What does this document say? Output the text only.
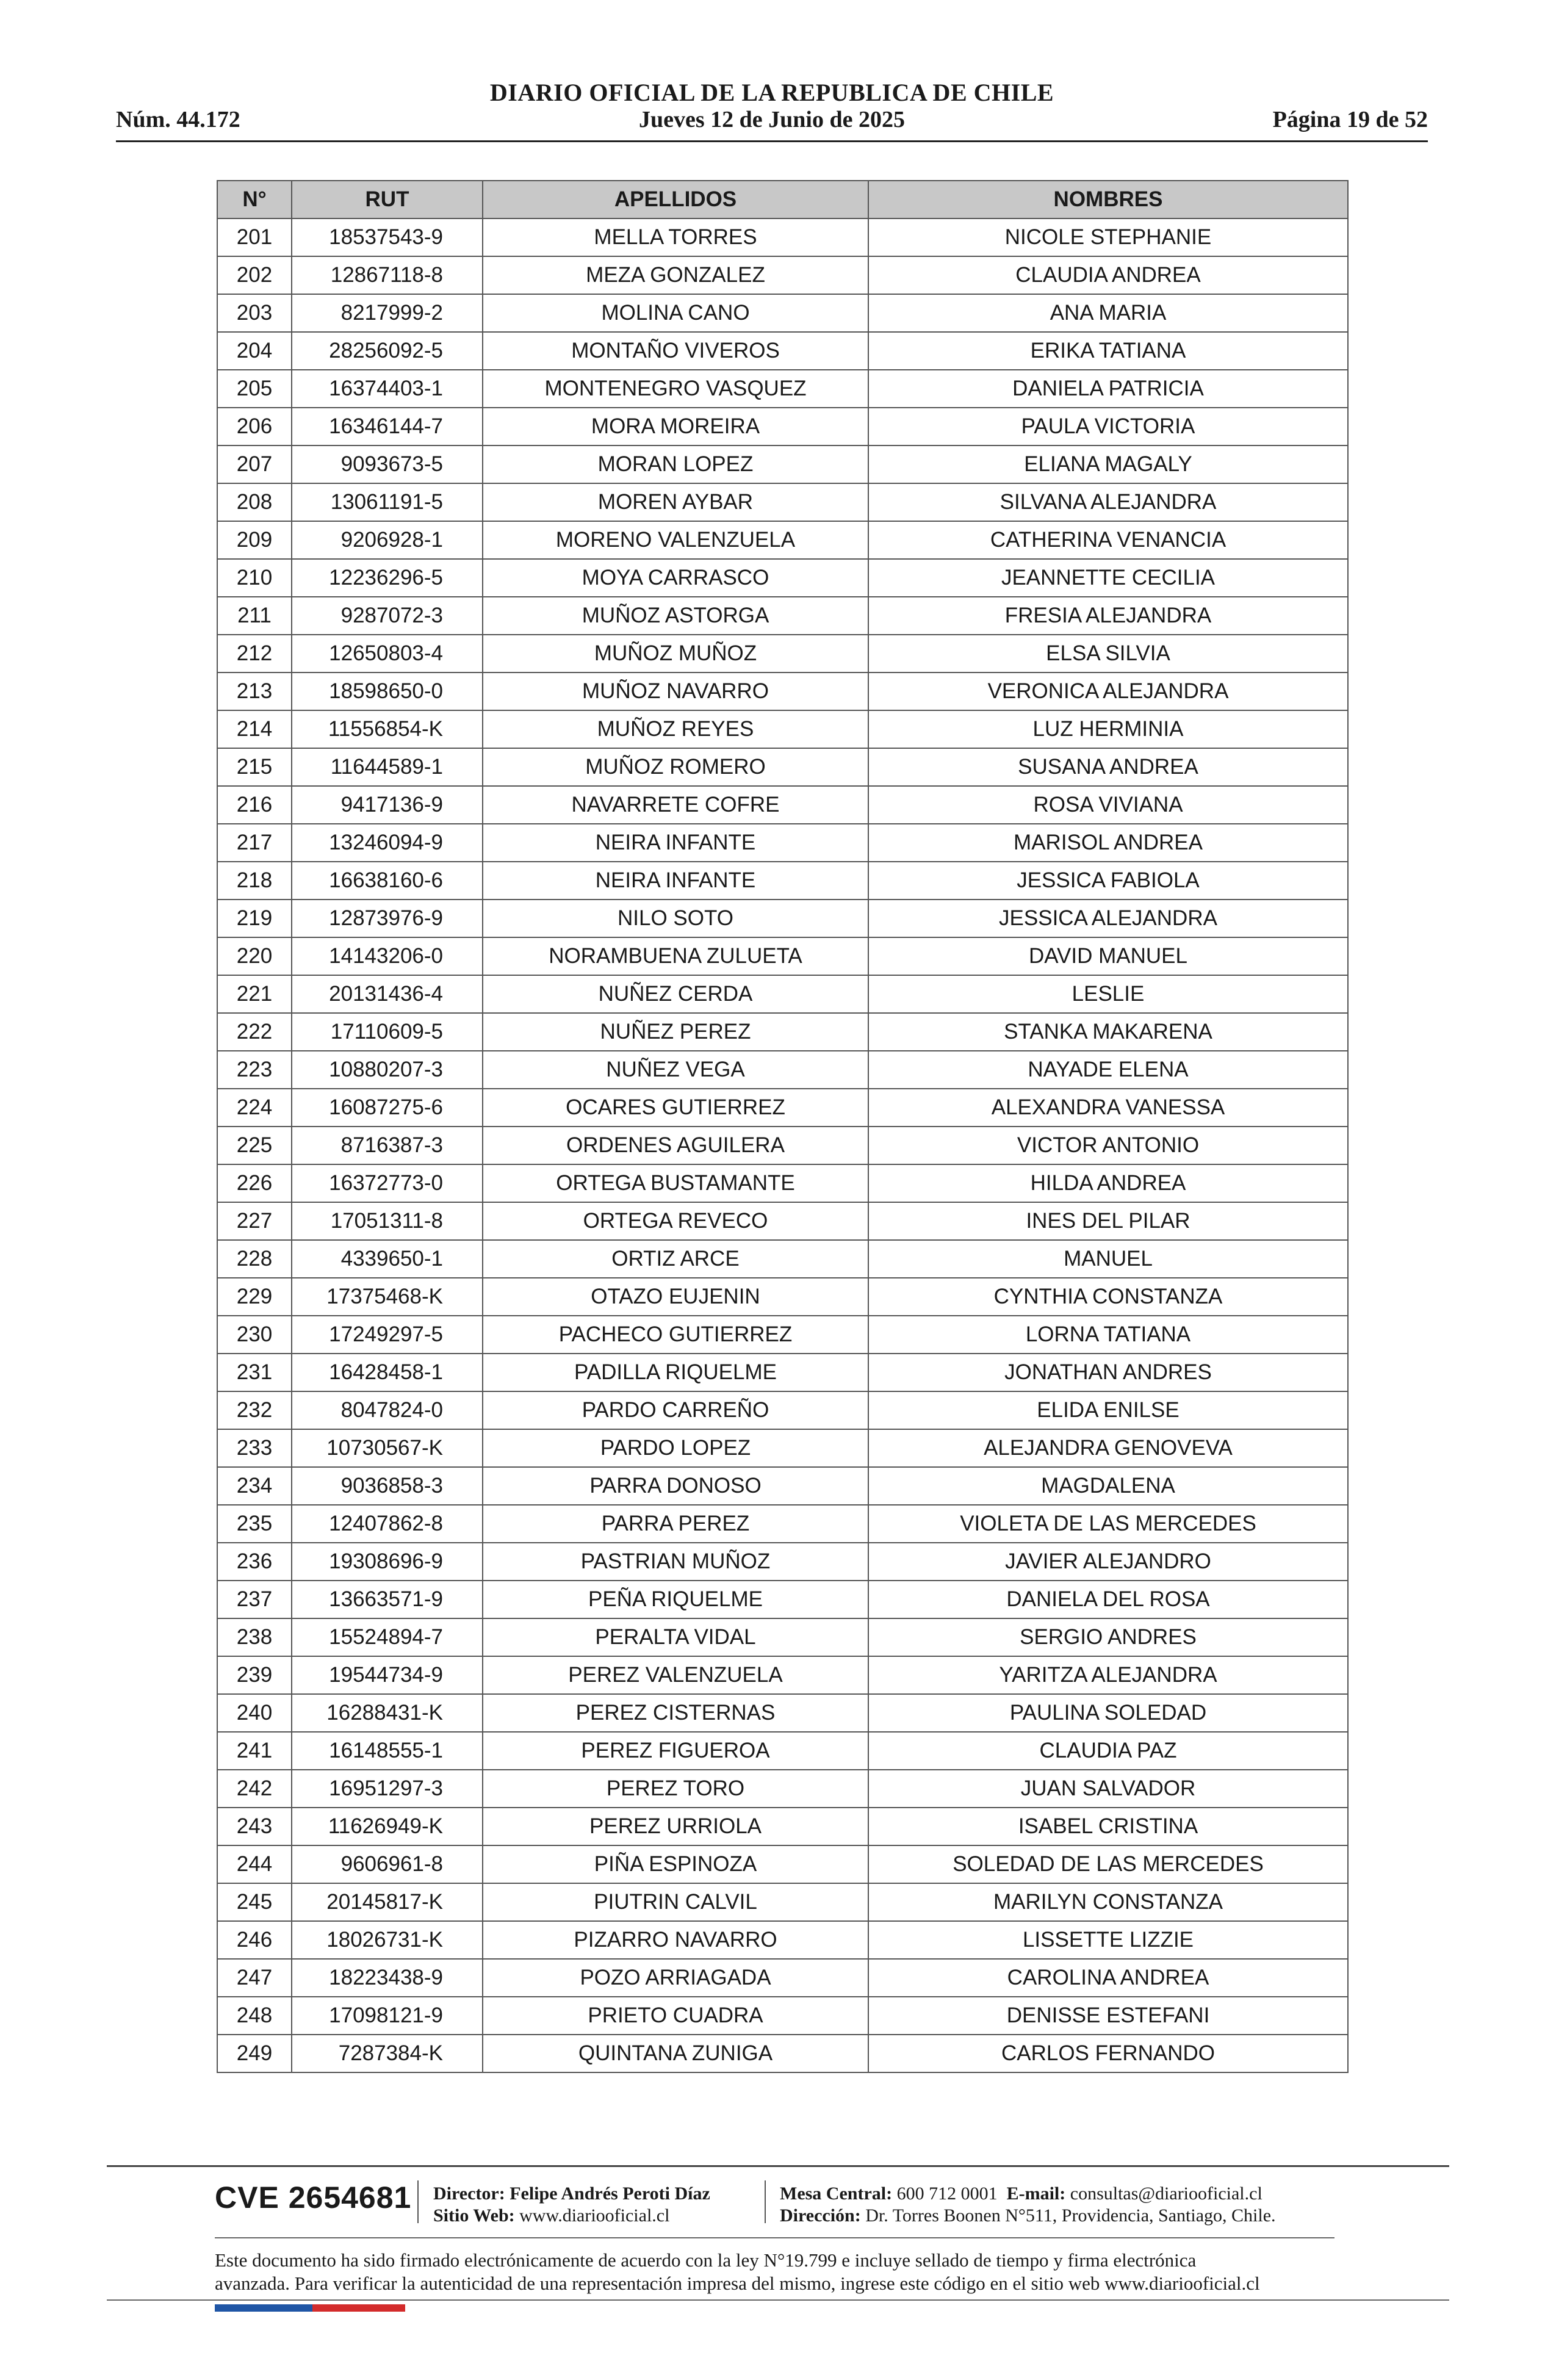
DIARIO OFICIAL DE LA REPUBLICA DE CHILE
Núm. 44.172	Jueves 12 de Junio de 2025	Página 19 de 52
N°	RUT	APELLIDOS	NOMBRES
201	18537543-9	MELLA TORRES	NICOLE STEPHANIE
202	12867118-8	MEZA GONZALEZ	CLAUDIA ANDREA
203	8217999-2	MOLINA CANO	ANA MARIA
204	28256092-5	MONTAÑO VIVEROS	ERIKA TATIANA
205	16374403-1	MONTENEGRO VASQUEZ	DANIELA PATRICIA
206	16346144-7	MORA MOREIRA	PAULA VICTORIA
207	9093673-5	MORAN LOPEZ	ELIANA MAGALY
208	13061191-5	MOREN AYBAR	SILVANA ALEJANDRA
209	9206928-1	MORENO VALENZUELA	CATHERINA VENANCIA
210	12236296-5	MOYA CARRASCO	JEANNETTE CECILIA
211	9287072-3	MUÑOZ ASTORGA	FRESIA ALEJANDRA
212	12650803-4	MUÑOZ MUÑOZ	ELSA SILVIA
213	18598650-0	MUÑOZ NAVARRO	VERONICA ALEJANDRA
214	11556854-K	MUÑOZ REYES	LUZ HERMINIA
215	11644589-1	MUÑOZ ROMERO	SUSANA ANDREA
216	9417136-9	NAVARRETE COFRE	ROSA VIVIANA
217	13246094-9	NEIRA INFANTE	MARISOL ANDREA
218	16638160-6	NEIRA INFANTE	JESSICA FABIOLA
219	12873976-9	NILO SOTO	JESSICA ALEJANDRA
220	14143206-0	NORAMBUENA ZULUETA	DAVID MANUEL
221	20131436-4	NUÑEZ CERDA	LESLIE
222	17110609-5	NUÑEZ PEREZ	STANKA MAKARENA
223	10880207-3	NUÑEZ VEGA	NAYADE ELENA
224	16087275-6	OCARES GUTIERREZ	ALEXANDRA VANESSA
225	8716387-3	ORDENES AGUILERA	VICTOR ANTONIO
226	16372773-0	ORTEGA BUSTAMANTE	HILDA ANDREA
227	17051311-8	ORTEGA REVECO	INES DEL PILAR
228	4339650-1	ORTIZ ARCE	MANUEL
229	17375468-K	OTAZO EUJENIN	CYNTHIA CONSTANZA
230	17249297-5	PACHECO GUTIERREZ	LORNA TATIANA
231	16428458-1	PADILLA RIQUELME	JONATHAN ANDRES
232	8047824-0	PARDO CARREÑO	ELIDA ENILSE
233	10730567-K	PARDO LOPEZ	ALEJANDRA GENOVEVA
234	9036858-3	PARRA DONOSO	MAGDALENA
235	12407862-8	PARRA PEREZ	VIOLETA DE LAS MERCEDES
236	19308696-9	PASTRIAN MUÑOZ	JAVIER ALEJANDRO
237	13663571-9	PEÑA RIQUELME	DANIELA DEL ROSA
238	15524894-7	PERALTA VIDAL	SERGIO ANDRES
239	19544734-9	PEREZ VALENZUELA	YARITZA ALEJANDRA
240	16288431-K	PEREZ CISTERNAS	PAULINA SOLEDAD
241	16148555-1	PEREZ FIGUEROA	CLAUDIA PAZ
242	16951297-3	PEREZ TORO	JUAN SALVADOR
243	11626949-K	PEREZ URRIOLA	ISABEL CRISTINA
244	9606961-8	PIÑA ESPINOZA	SOLEDAD DE LAS MERCEDES
245	20145817-K	PIUTRIN CALVIL	MARILYN CONSTANZA
246	18026731-K	PIZARRO NAVARRO	LISSETTE LIZZIE
247	18223438-9	POZO ARRIAGADA	CAROLINA ANDREA
248	17098121-9	PRIETO CUADRA	DENISSE ESTEFANI
249	7287384-K	QUINTANA ZUNIGA	CARLOS FERNANDO
CVE 2654681 Director: Felipe Andrés Peroti Díaz
Sitio Web: www.diariooficial.cl
Mesa Central: 600 712 0001 E-mail: consultas@diariooficial.cl
Dirección: Dr. Torres Boonen N°511, Providencia, Santiago, Chile.
Este documento ha sido firmado electrónicamente de acuerdo con la ley N°19.799 e incluye sellado de tiempo y firma electrónica
avanzada. Para verificar la autenticidad de una representación impresa del mismo, ingrese este código en el sitio web www.diariooficial.cl
